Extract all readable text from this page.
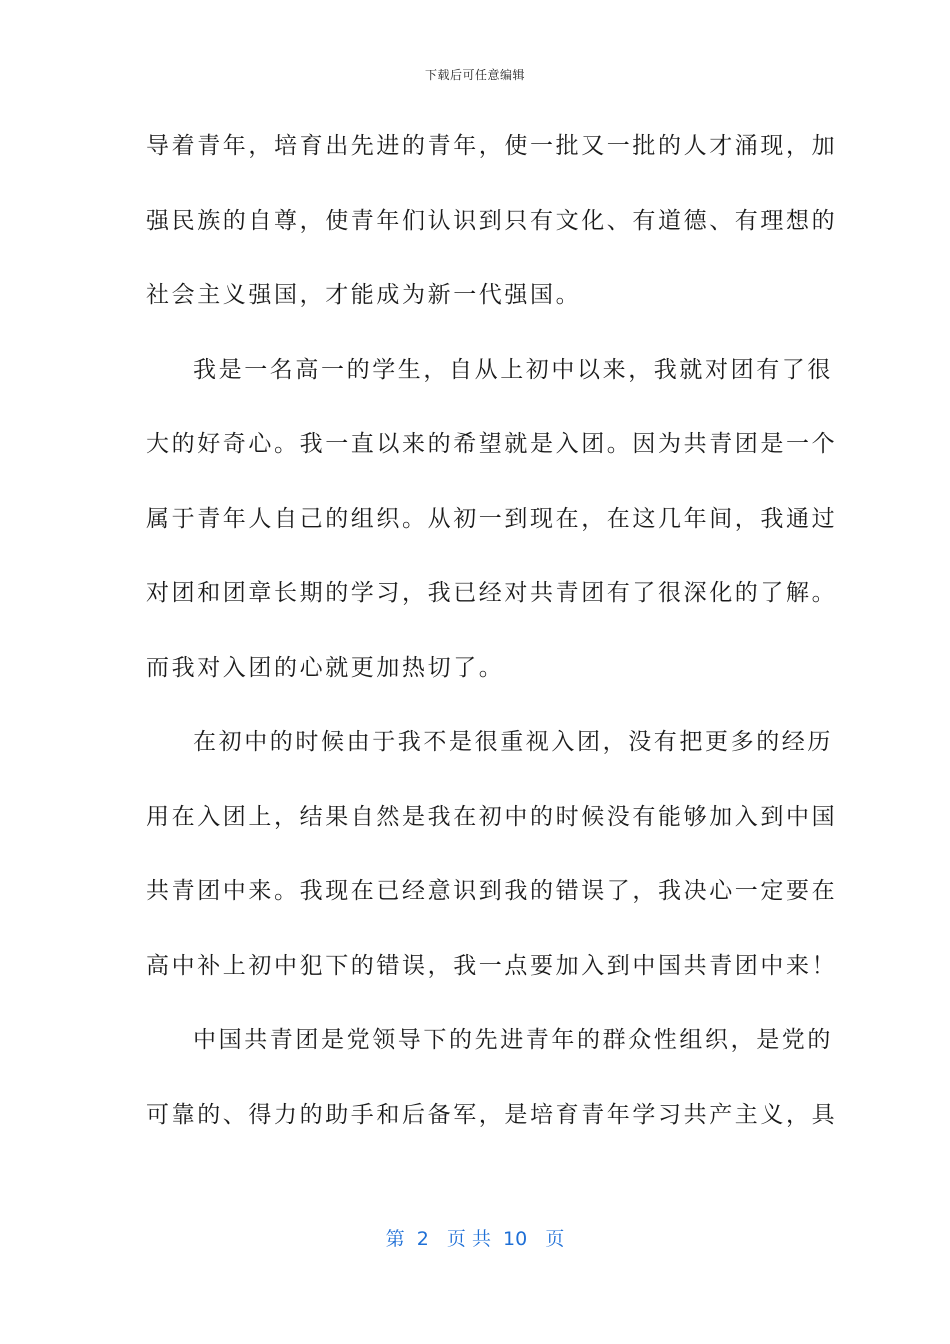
下载后可任意编辑
导着青年，培育出先进的青年，使一批又一批的人才涌现，加
强民族的自尊，使青年们认识到只有文化、有道德、有理想的
社会主义强国，才能成为新一代强国。
我是一名高一的学生，自从上初中以来，我就对团有了很
大的好奇心。我一直以来的希望就是入团。因为共青团是一个
属于青年人自己的组织。从初一到现在，在这几年间，我通过
对团和团章长期的学习，我已经对共青团有了很深化的了解。
而我对入团的心就更加热切了。
在初中的时候由于我不是很重视入团，没有把更多的经历
用在入团上，结果自然是我在初中的时候没有能够加入到中国
共青团中来。我现在已经意识到我的错误了，我决心一定要在
高中补上初中犯下的错误，我一点要加入到中国共青团中来！
中国共青团是党领导下的先进青年的群众性组织，是党的
可靠的、得力的助手和后备军，是培育青年学习共产主义，具
第  2   页 共  10   页
